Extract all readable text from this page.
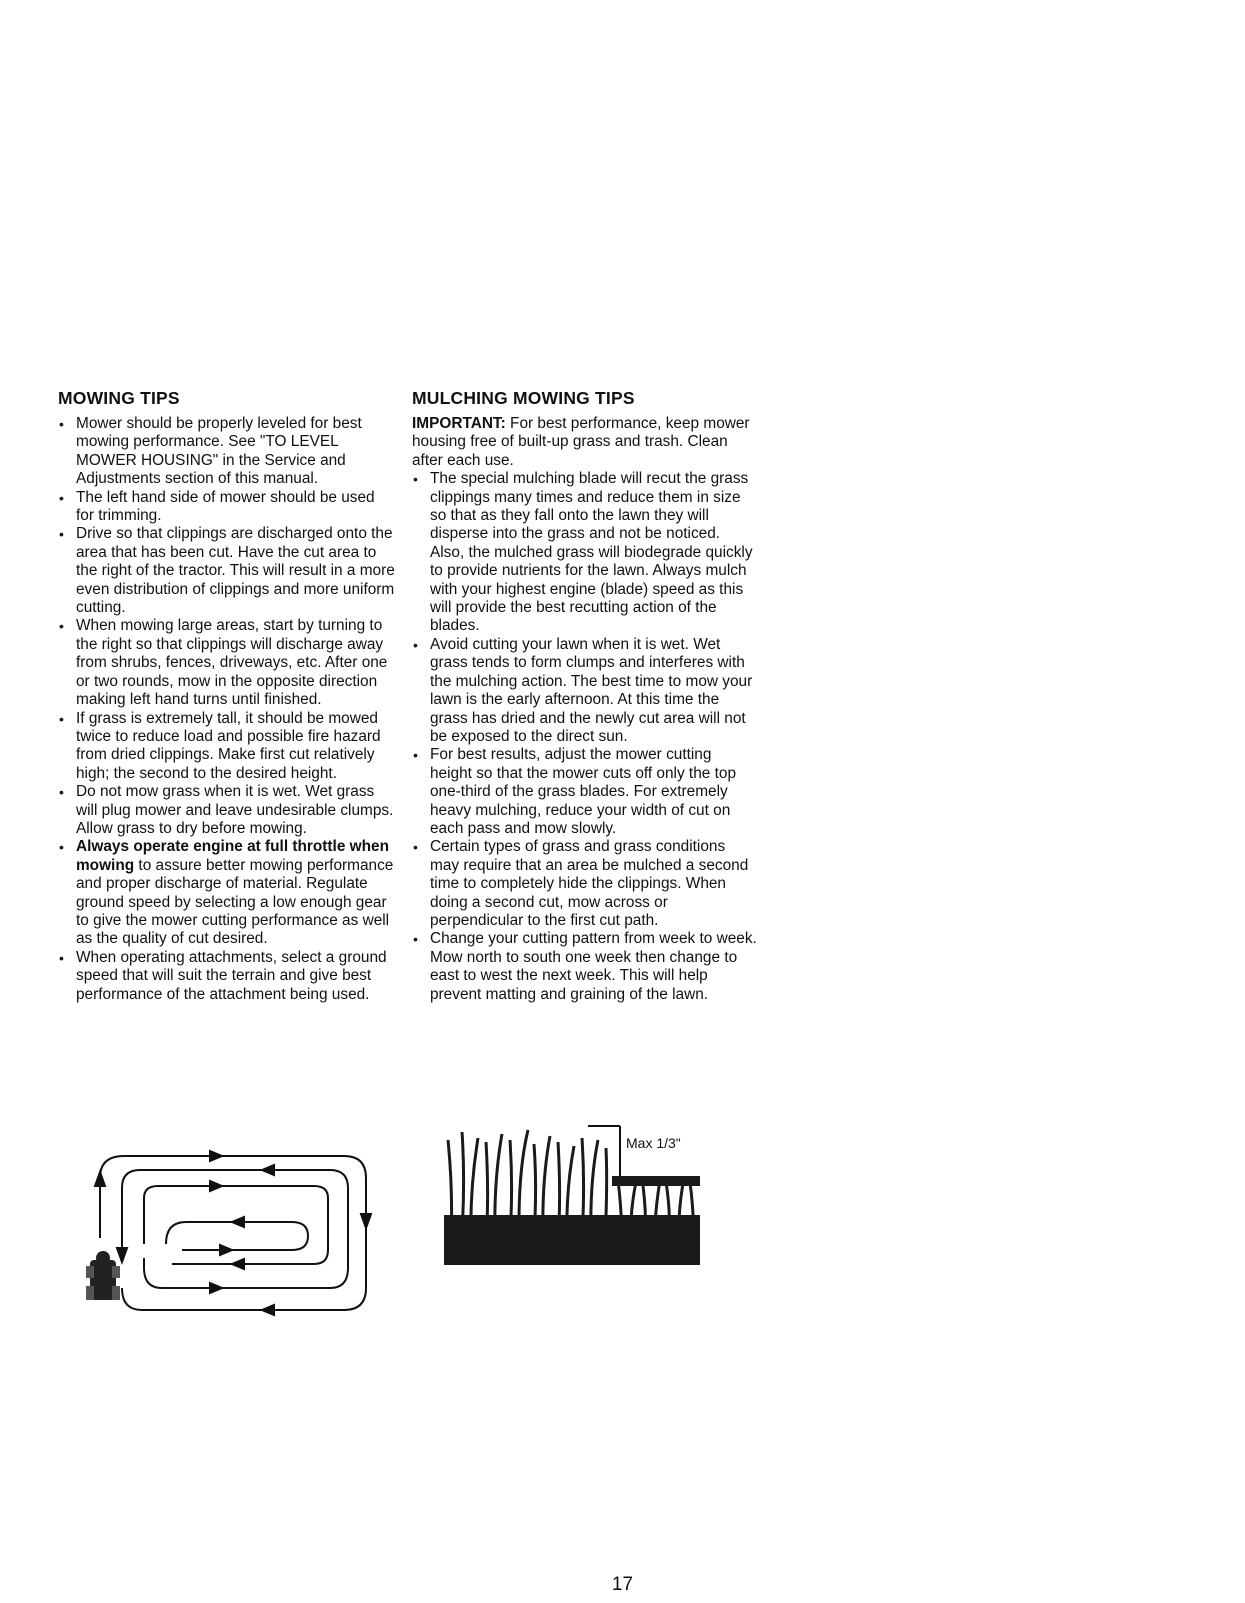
MOWING TIPS
• Mower should be properly leveled for best mowing performance. See "TO LEVEL MOWER HOUSING" in the Service and Adjustments section of this manual.
• The left hand side of mower should be used for trimming.
• Drive so that clippings are discharged onto the area that has been cut. Have the cut area to the right of the tractor. This will result in a more even distribution of clippings and more uniform cutting.
• When mowing large areas, start by turning to the right so that clippings will discharge away from shrubs, fences, driveways, etc. After one or two rounds, mow in the opposite direction making left hand turns until finished.
• If grass is extremely tall, it should be mowed twice to reduce load and possible fire hazard from dried clippings. Make first cut relatively high; the second to the desired height.
• Do not mow grass when it is wet. Wet grass will plug mower and leave undesirable clumps. Allow grass to dry before mowing.
• Always operate engine at full throttle when mowing to assure better mowing performance and proper discharge of material. Regulate ground speed by selecting a low enough gear to give the mower cutting performance as well as the quality of cut desired.
• When operating attachments, select a ground speed that will suit the terrain and give best performance of the attachment being used.
MULCHING MOWING TIPS

IMPORTANT: For best performance, keep mower housing free of built-up grass and trash. Clean after each use.

• The special mulching blade will recut the grass clippings many times and reduce them in size so that as they fall onto the lawn they will disperse into the grass and not be noticed. Also, the mulched grass will biodegrade quickly to provide nutrients for the lawn. Always mulch with your highest engine (blade) speed as this will provide the best recutting action of the blades.
• Avoid cutting your lawn when it is wet. Wet grass tends to form clumps and interferes with the mulching action. The best time to mow your lawn is the early afternoon. At this time the grass has dried and the newly cut area will not be exposed to the direct sun.
• For best results, adjust the mower cutting height so that the mower cuts off only the top one-third of the grass blades. For extremely heavy mulching, reduce your width of cut on each pass and mow slowly.
• Certain types of grass and grass conditions may require that an area be mulched a second time to completely hide the clippings. When doing a second cut, mow across or perpendicular to the first cut path.
• Change your cutting pattern from week to week. Mow north to south one week then change to east to west the next week. This will help prevent matting and graining of the lawn.
Max 1/3"
17
